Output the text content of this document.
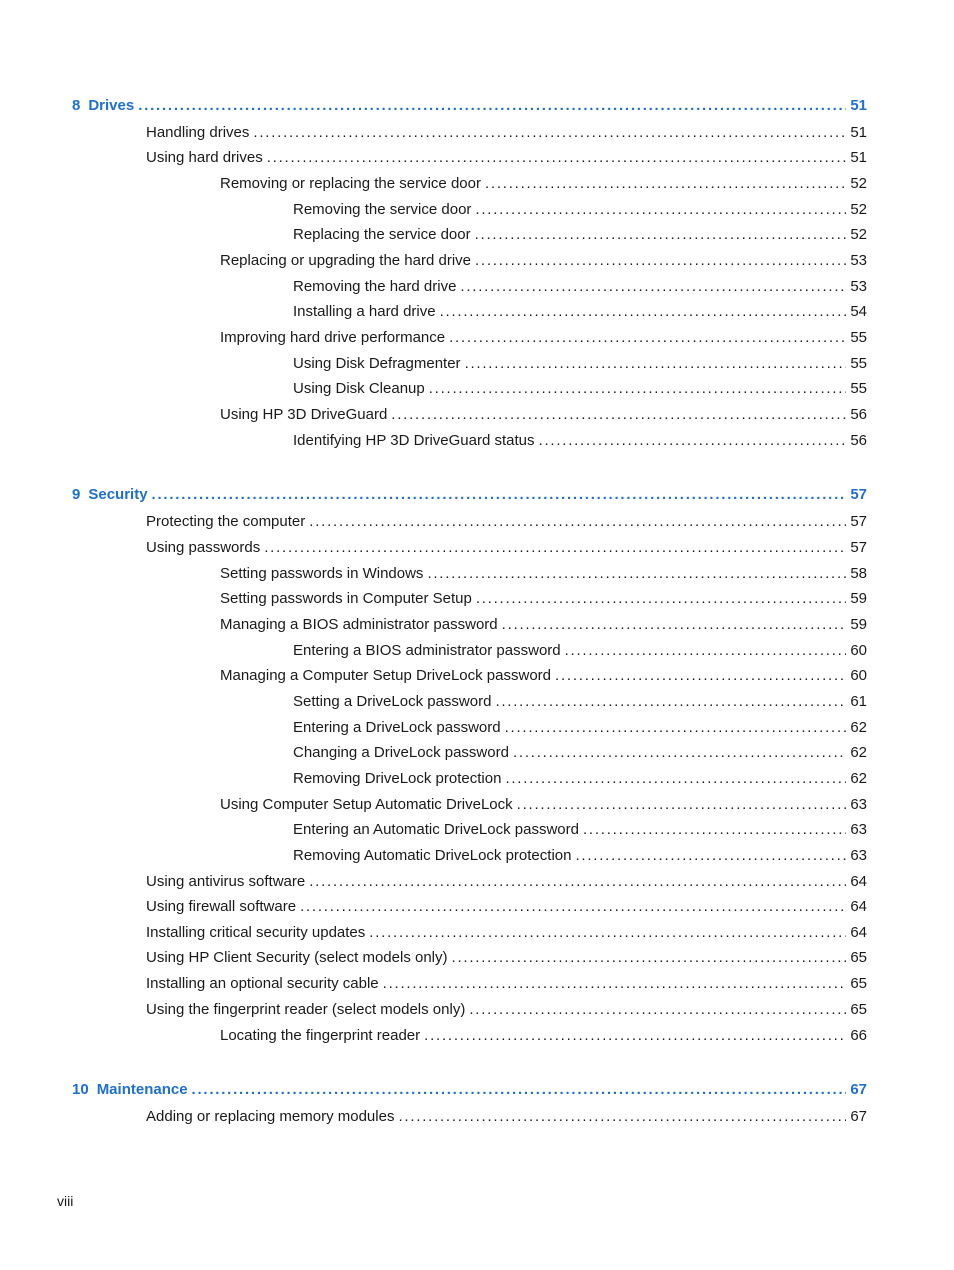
8 Drives . . .	51
Handling drives . . .	51
Using hard drives . . .	51
Removing or replacing the service door . . .	52
Removing the service door . . .	52
Replacing the service door . . .	52
Replacing or upgrading the hard drive . . .	53
Removing the hard drive . . .	53
Installing a hard drive . . .	54
Improving hard drive performance . . .	55
Using Disk Defragmenter . . .	55
Using Disk Cleanup . . .	55
Using HP 3D DriveGuard . . .	56
Identifying HP 3D DriveGuard status . . .	56
9 Security . . .	57
Protecting the computer . . .	57
Using passwords . . .	57
Setting passwords in Windows . . .	58
Setting passwords in Computer Setup . . .	59
Managing a BIOS administrator password . . .	59
Entering a BIOS administrator password . . .	60
Managing a Computer Setup DriveLock password . . .	60
Setting a DriveLock password . . .	61
Entering a DriveLock password . . .	62
Changing a DriveLock password . . .	62
Removing DriveLock protection . . .	62
Using Computer Setup Automatic DriveLock . . .	63
Entering an Automatic DriveLock password . . .	63
Removing Automatic DriveLock protection . . .	63
Using antivirus software . . .	64
Using firewall software . . .	64
Installing critical security updates . . .	64
Using HP Client Security (select models only) . . .	65
Installing an optional security cable . . .	65
Using the fingerprint reader (select models only) . . .	65
Locating the fingerprint reader . . .	66
10 Maintenance . . .	67
Adding or replacing memory modules . . .	67
viii
